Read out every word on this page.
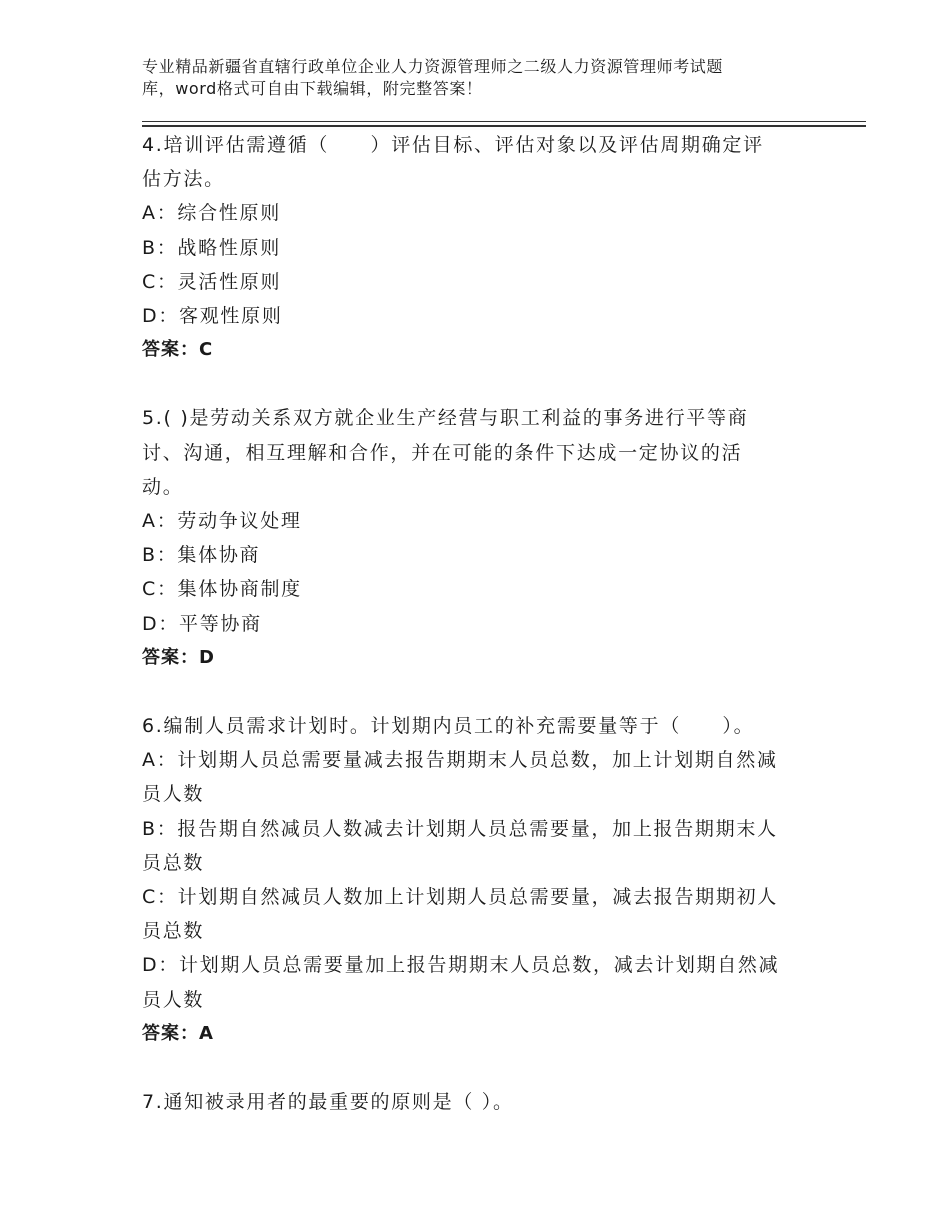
专业精品新疆省直辖行政单位企业人力资源管理师之二级人力资源管理师考试题
库，word格式可自由下载编辑，附完整答案！
4.培训评估需遵循（　　）评估目标、评估对象以及评估周期确定评
估方法。
A：综合性原则
B：战略性原则
C：灵活性原则
D：客观性原则
答案：C
5.( )是劳动关系双方就企业生产经营与职工利益的事务进行平等商
讨、沟通，相互理解和合作，并在可能的条件下达成一定协议的活
动。
A：劳动争议处理
B：集体协商
C：集体协商制度
D：平等协商
答案：D
6.编制人员需求计划时。计划期内员工的补充需要量等于（　　）。
A：计划期人员总需要量减去报告期期末人员总数，加上计划期自然减
员人数
B：报告期自然减员人数减去计划期人员总需要量，加上报告期期末人
员总数
C：计划期自然减员人数加上计划期人员总需要量，减去报告期期初人
员总数
D：计划期人员总需要量加上报告期期末人员总数，减去计划期自然减
员人数
答案：A
7.通知被录用者的最重要的原则是（ ）。
